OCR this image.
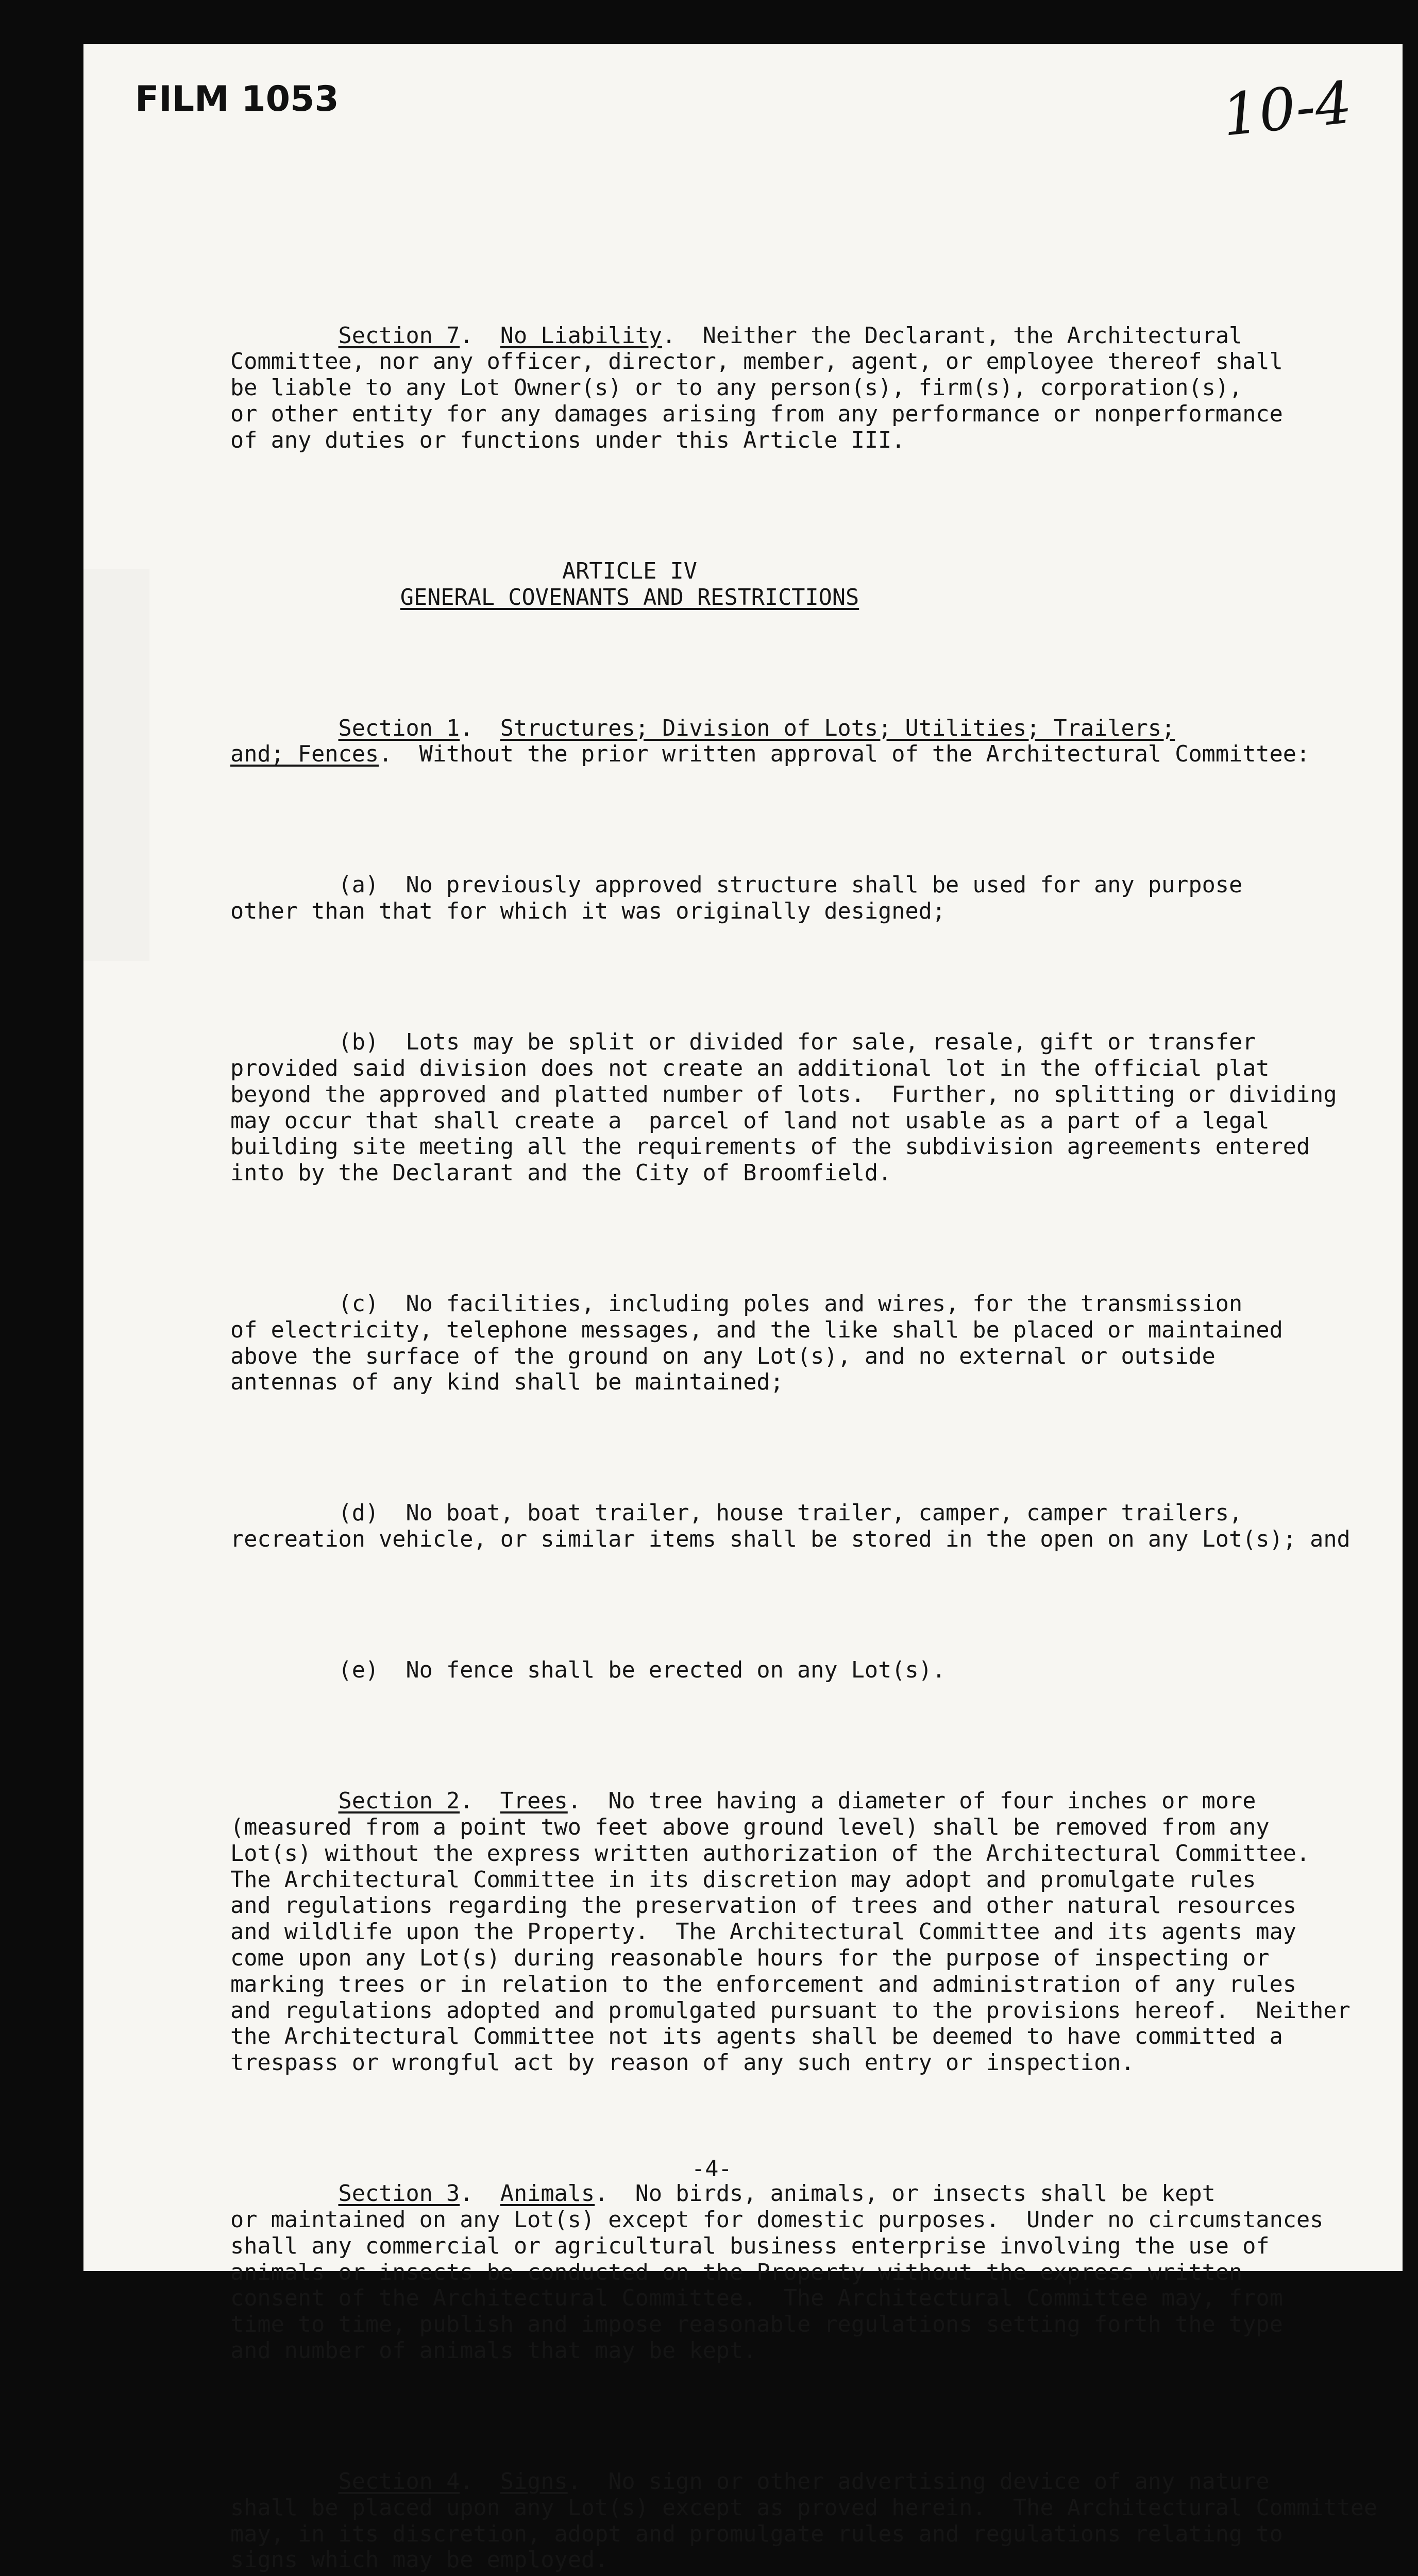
FILM 1053	10-4

Section 7.  No Liability.  Neither the Declarant, the Architectural
Committee, nor any officer, director, member, agent, or employee thereof shall
be liable to any Lot Owner(s) or to any person(s), firm(s), corporation(s),
or other entity for any damages arising from any performance or nonperformance
of any duties or functions under this Article III.

ARTICLE IV
GENERAL COVENANTS AND RESTRICTIONS

Section 1.  Structures; Division of Lots; Utilities; Trailers;
and; Fences.  Without the prior written approval of the Architectural Committee:

(a)  No previously approved structure shall be used for any purpose
other than that for which it was originally designed;

(b)  Lots may be split or divided for sale, resale, gift or transfer
provided said division does not create an additional lot in the official plat
beyond the approved and platted number of lots.  Further, no splitting or dividing
may occur that shall create a  parcel of land not usable as a part of a legal
building site meeting all the requirements of the subdivision agreements entered
into by the Declarant and the City of Broomfield.

(c)  No facilities, including poles and wires, for the transmission
of electricity, telephone messages, and the like shall be placed or maintained
above the surface of the ground on any Lot(s), and no external or outside
antennas of any kind shall be maintained;

(d)  No boat, boat trailer, house trailer, camper, camper trailers,
recreation vehicle, or similar items shall be stored in the open on any Lot(s); and

(e)  No fence shall be erected on any Lot(s).

Section 2.  Trees.  No tree having a diameter of four inches or more
(measured from a point two feet above ground level) shall be removed from any
Lot(s) without the express written authorization of the Architectural Committee.
The Architectural Committee in its discretion may adopt and promulgate rules
and regulations regarding the preservation of trees and other natural resources
and wildlife upon the Property.  The Architectural Committee and its agents may
come upon any Lot(s) during reasonable hours for the purpose of inspecting or
marking trees or in relation to the enforcement and administration of any rules
and regulations adopted and promulgated pursuant to the provisions hereof.  Neither
the Architectural Committee not its agents shall be deemed to have committed a
trespass or wrongful act by reason of any such entry or inspection.

Section 3.  Animals.  No birds, animals, or insects shall be kept
or maintained on any Lot(s) except for domestic purposes.  Under no circumstances
shall any commercial or agricultural business enterprise involving the use of
animals or insects be conducted on the Property without the express written
consent of the Architectural Committee.  The Architectural Committee may, from
time to time, publish and impose reasonable regulations setting forth the type
and number of animals that may be kept.

Section 4.  Signs.  No sign or other advertising device of any nature
shall be placed upon any Lot(s) except as proved herein.  The Architectural Committee
may, in its discretion, adopt and promulgate rules and regulations relating to
signs which may be employed.

-4-
